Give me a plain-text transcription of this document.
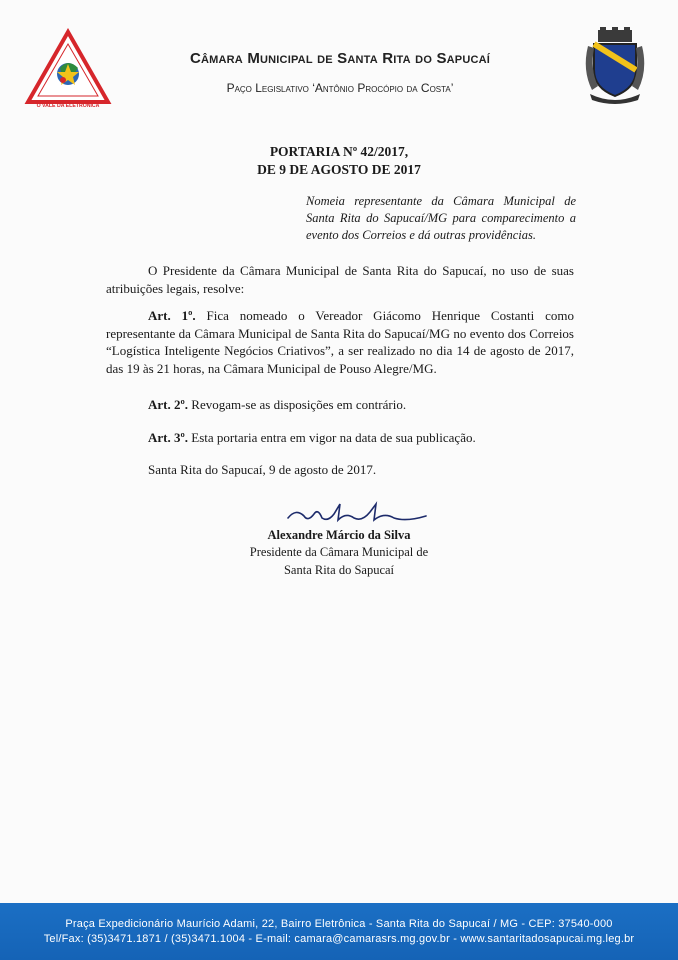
O VALE DA ELETRÔNICA
Câmara Municipal de Santa Rita do Sapucaí
Paço Legislativo ‘Antônio Procópio da Costa’
PORTARIA Nº 42/2017,
DE 9 DE AGOSTO DE 2017
Nomeia representante da Câmara Municipal de Santa Rita do Sapucaí/MG para comparecimento a evento dos Correios e dá outras providências.
O Presidente da Câmara Municipal de Santa Rita do Sapucaí, no uso de suas atribuições legais, resolve:
Art. 1º. Fica nomeado o Vereador Giácomo Henrique Costanti como representante da Câmara Municipal de Santa Rita do Sapucaí/MG no evento dos Correios “Logística Inteligente Negócios Criativos”, a ser realizado no dia 14 de agosto de 2017, das 19 às 21 horas, na Câmara Municipal de Pouso Alegre/MG.
Art. 2º. Revogam-se as disposições em contrário.
Art. 3º. Esta portaria entra em vigor na data de sua publicação.
Santa Rita do Sapucaí, 9 de agosto de 2017.
Alexandre Márcio da Silva
Presidente da Câmara Municipal de
Santa Rita do Sapucaí
Praça Expedicionário Maurício Adami, 22, Bairro Eletrônica - Santa Rita do Sapucaí / MG - CEP: 37540-000
Tel/Fax: (35)3471.1871 / (35)3471.1004 - E-mail: camara@camarasrs.mg.gov.br - www.santaritadosapucai.mg.leg.br
